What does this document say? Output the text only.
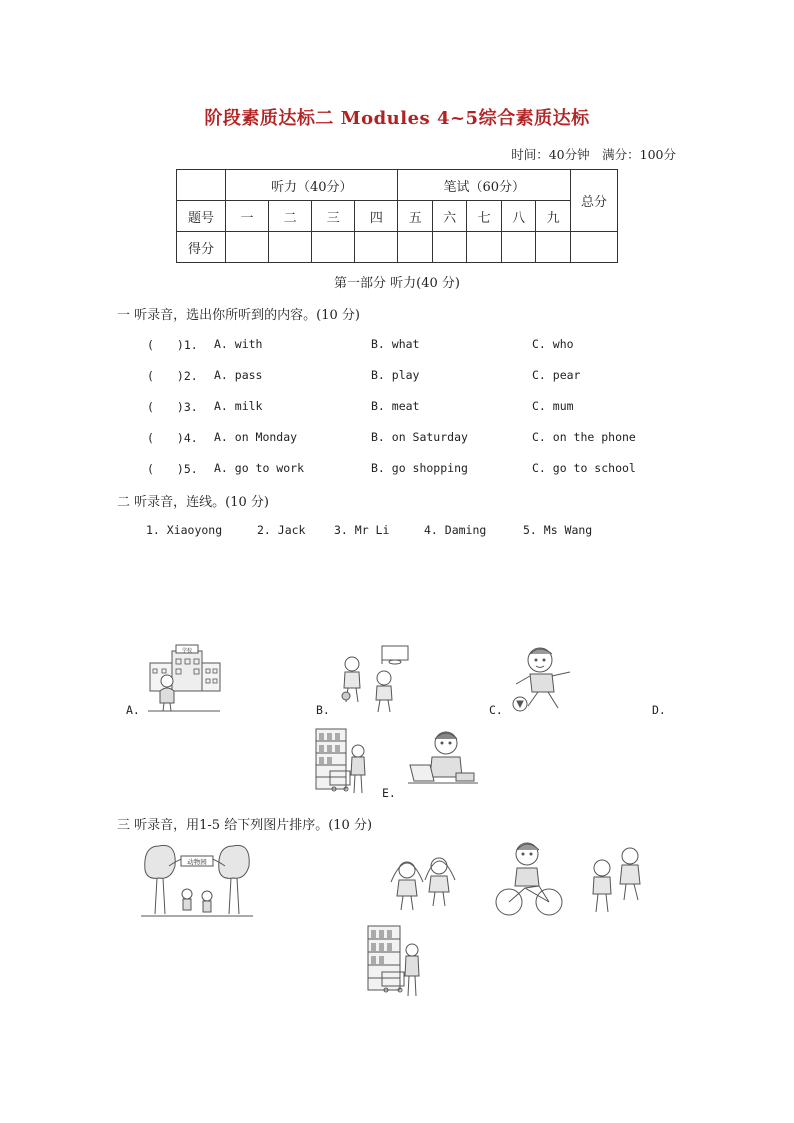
阶段素质达标二 Modules 4~5综合素质达标
时间：40分钟　满分：100分
	听力（40分）				笔试（60分）					总分
题号	一	二	三	四	五	六	七	八	九	
得分										
第一部分 听力(40 分)
一 听录音，选出你所听到的内容。(10 分)
(　　)1. A. with	B. what	C. who
(　　)2. A. pass	B. play	C. pear
(　　)3. A. milk	B. meat	C. mum
(　　)4. A. on Monday	B. on Saturday	C. on the phone
(　　)5. A. go to work	B. go shopping	C. go to school
二 听录音，连线。(10 分)
1. Xiaoyong	2. Jack 3. Mr Li	4. Daming	5. Ms Wang
学校
A.	B.	C.	D.
E.
三 听录音，用1-5 给下列图片排序。(10 分)
动物园
